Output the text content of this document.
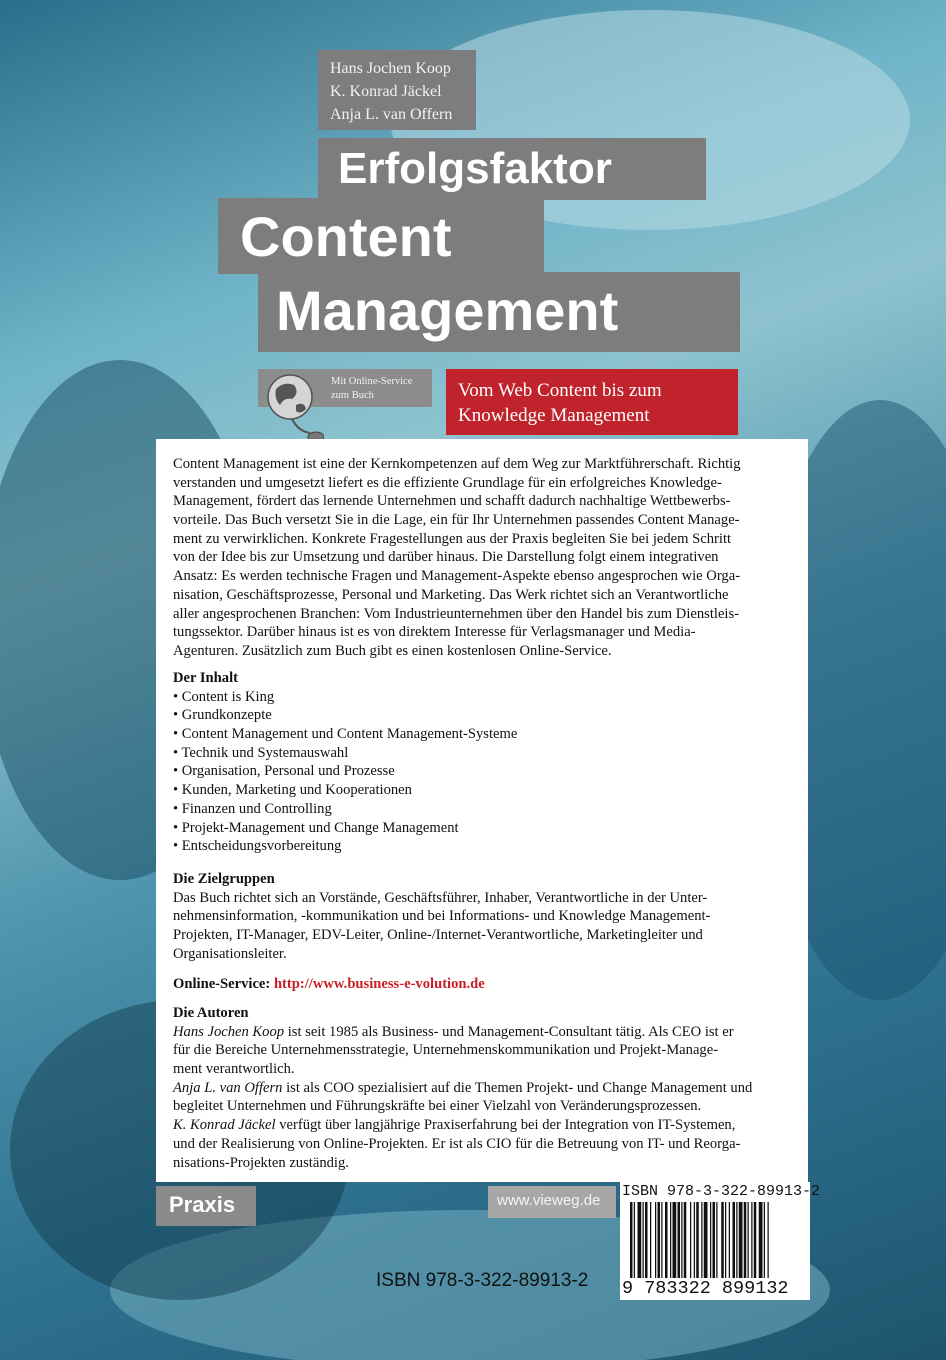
Hans Jochen Koop
K. Konrad Jäckel
Anja L. van Offern
Erfolgsfaktor
Content
Management
Mit Online-Service
zum Buch	Vom Web Content bis zum
Knowledge Management
Content Management ist eine der Kernkompetenzen auf dem Weg zur Marktführerschaft. Richtig
verstanden und umgesetzt liefert es die effiziente Grundlage für ein erfolgreiches Knowledge-
Management, fördert das lernende Unternehmen und schafft dadurch nachhaltige Wettbewerbs-
vorteile. Das Buch versetzt Sie in die Lage, ein für Ihr Unternehmen passendes Content Manage-
ment zu verwirklichen. Konkrete Fragestellungen aus der Praxis begleiten Sie bei jedem Schritt
von der Idee bis zur Umsetzung und darüber hinaus. Die Darstellung folgt einem integrativen
Ansatz: Es werden technische Fragen und Management-Aspekte ebenso angesprochen wie Orga-
nisation, Geschäftsprozesse, Personal und Marketing. Das Werk richtet sich an Verantwortliche
aller angesprochenen Branchen: Vom Industrieunternehmen über den Handel bis zum Dienstleis-
tungssektor. Darüber hinaus ist es von direktem Interesse für Verlagsmanager und Media-
Agenturen. Zusätzlich zum Buch gibt es einen kostenlosen Online-Service.
Der Inhalt
• Content is King
• Grundkonzepte
• Content Management und Content Management-Systeme
• Technik und Systemauswahl
• Organisation, Personal und Prozesse
• Kunden, Marketing und Kooperationen
• Finanzen und Controlling
• Projekt-Management und Change Management
• Entscheidungsvorbereitung
Die Zielgruppen
Das Buch richtet sich an Vorstände, Geschäftsführer, Inhaber, Verantwortliche in der Unter-
nehmensinformation, -kommunikation und bei Informations- und Knowledge Management-
Projekten, IT-Manager, EDV-Leiter, Online-/Internet-Verantwortliche, Marketingleiter und
Organisationsleiter.
Online-Service: http://www.business-e-volution.de
Die Autoren
Hans Jochen Koop ist seit 1985 als Business- und Management-Consultant tätig. Als CEO ist er
für die Bereiche Unternehmensstrategie, Unternehmenskommunikation und Projekt-Manage-
ment verantwortlich.
Anja L. van Offern ist als COO spezialisiert auf die Themen Projekt- und Change Management und
begleitet Unternehmen und Führungskräfte bei einer Vielzahl von Veränderungsprozessen.
K. Konrad Jäckel verfügt über langjährige Praxiserfahrung bei der Integration von IT-Systemen,
und der Realisierung von Online-Projekten. Er ist als CIO für die Betreuung von IT- und Reorga-
nisations-Projekten zuständig.
Praxis	www.vieweg.de
ISBN 978-3-322-89913-2
9 783322 899132
ISBN 978-3-322-89913-2
